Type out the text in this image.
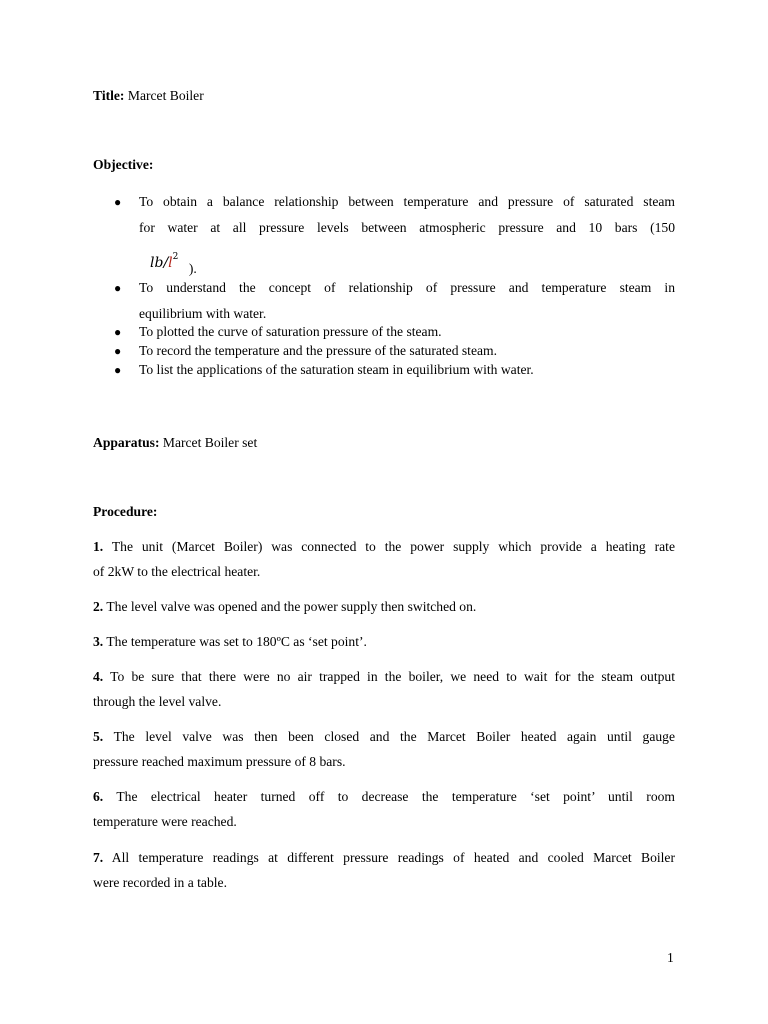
Title: Marcet Boiler
Objective:
● To obtain a balance relationship between temperature and pressure of saturated steam
for water at all pressure levels between atmospheric pressure and 10 bars (150
$lb/l^2$ ).
● To understand the concept of relationship of pressure and temperature steam in
equilibrium with water.
● To plotted the curve of saturation pressure of the steam.
● To record the temperature and the pressure of the saturated steam.
● To list the applications of the saturation steam in equilibrium with water.
Apparatus: Marcet Boiler set
Procedure:
1. The unit (Marcet Boiler) was connected to the power supply which provide a heating rate
of 2kW to the electrical heater.
2. The level valve was opened and the power supply then switched on.
3. The temperature was set to 180ºC as ‘set point’.
4. To be sure that there were no air trapped in the boiler, we need to wait for the steam output
through the level valve.
5. The level valve was then been closed and the Marcet Boiler heated again until gauge
pressure reached maximum pressure of 8 bars.
6. The electrical heater turned off to decrease the temperature ‘set point’ until room
temperature were reached.
7. All temperature readings at different pressure readings of heated and cooled Marcet Boiler
were recorded in a table.
1
